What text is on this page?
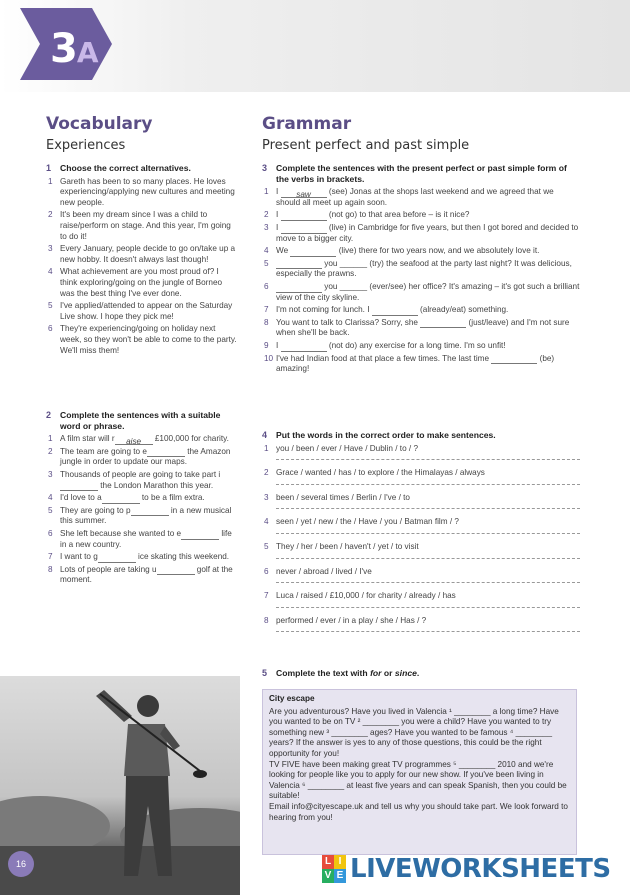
3A
Vocabulary
Experiences
1 Choose the correct alternatives.
1 Gareth has been to so many places. He loves experiencing/applying new cultures and meeting new people.
2 It's been my dream since I was a child to raise/perform on stage. And this year, I'm going to do it!
3 Every January, people decide to go on/take up a new hobby. It doesn't always last though!
4 What achievement are you most proud of? I think exploring/going on the jungle of Borneo was the best thing I've ever done.
5 I've applied/attended to appear on the Saturday Live show. I hope they pick me!
6 They're experiencing/going on holiday next week, so they won't be able to come to the party. We'll miss them!
2	Complete the sentences with a suitable word or phrase.
1 A film star will r aise £100,000 for charity.
2 The team are going to e	the Amazon jungle in order to update our maps.
3 Thousands of people are going to take part i the London Marathon this year.
4 I'd love to a	to be a film extra.
5 They are going to p	in a new musical this summer.
6 She left because she wanted to e	life in a new country.
7 I want to g	ice skating this weekend.
8 Lots of people are taking u	golf at the moment.
Grammar
Present perfect and past simple
3	Complete the sentences with the present perfect or past simple form of the verbs in brackets.
1 I saw (see) Jonas at the shops last weekend and we agreed that we should all meet up again soon.
2 I	(not go) to that area before – is it nice?
3 I	(live) in Cambridge for five years, but then I got bored and decided to move to a bigger city.
4 We	(live) there for two years now, and we absolutely love it.
5	you ______ (try) the seafood at the party last night? It was delicious, especially the prawns.
6	you ______ (ever/see) her office? It's amazing – it's got such a brilliant view of the city skyline.
7 I'm not coming for lunch. I	(already/eat) something.
8 You want to talk to Clarissa? Sorry, she	(just/leave) and I'm not sure when she'll be back.
9 I	(not do) any exercise for a long time. I'm so unfit!
10 I've had Indian food at that place a few times. The last time	(be) amazing!
4 Put the words in the correct order to make sentences.
1 you / been / ever / Have / Dublin / to / ?
2 Grace / wanted / has / to explore / the Himalayas / always
3 been / several times / Berlin / I've / to
4 seen / yet / new / the / Have / you / Batman film / ?
5 They / her / been / haven't / yet / to visit
6 never / abroad / lived / I've
7 Luca / raised / £10,000 / for charity / already / has
8 performed / ever / in a play / she / Has / ?
5 Complete the text with for or since.
City escape
Are you adventurous? Have you lived in Valencia ¹ ________ a long time? Have you wanted to be on TV ² ________ you were a child? Have you wanted to try something new ³ ________ ages? Have you wanted to be famous ⁴ ________ years? If the answer is yes to any of those questions, this could be the right opportunity for you!
TV FIVE have been making great TV programmes ⁵ ________ 2010 and we're looking for people like you to apply for our new show. If you've been living in Valencia ⁶ ________ at least five years and can speak Spanish, then you could be suitable!
Email info@cityescape.uk and tell us why you should take part. We look forward to hearing from you!
16	L I
V E LIVEWORKSHEETS
